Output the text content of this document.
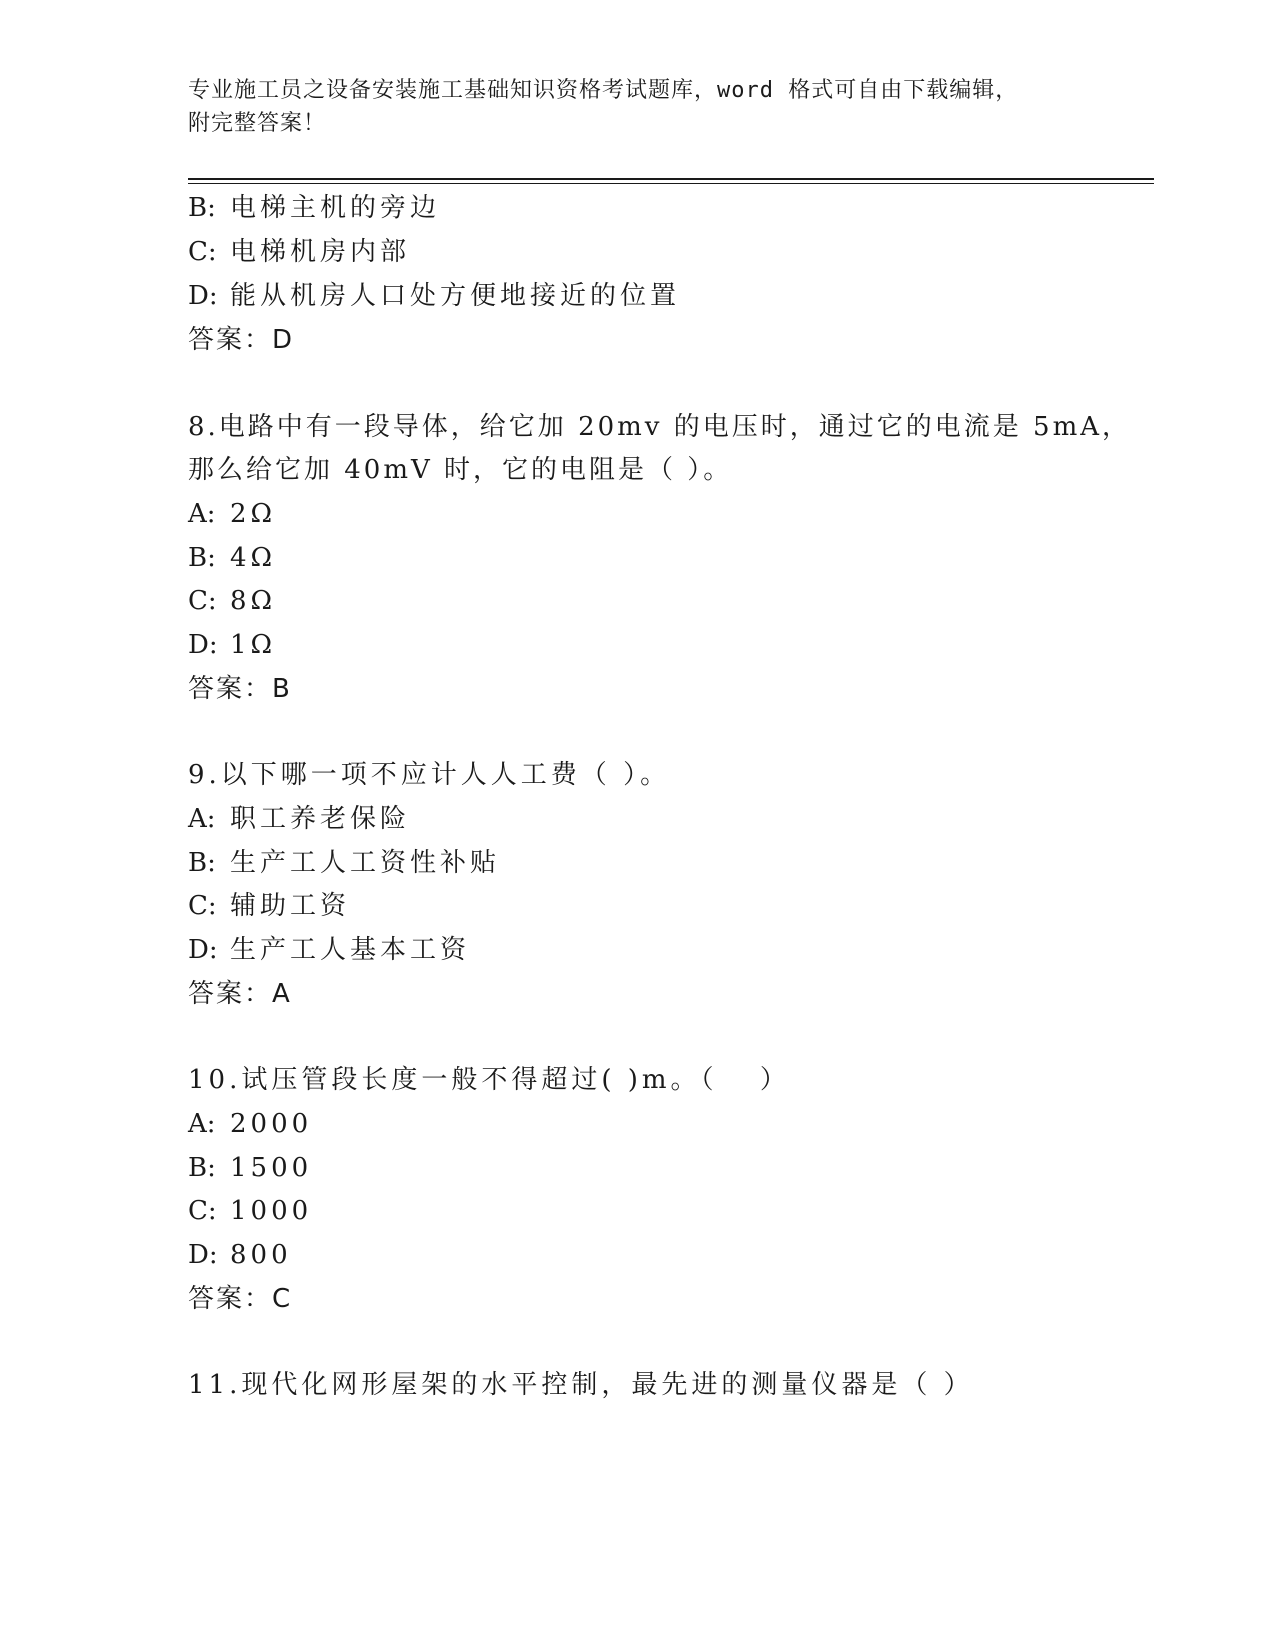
专业施工员之设备安装施工基础知识资格考试题库，word 格式可自由下载编辑，
附完整答案！
B: 电梯主机的旁边
C: 电梯机房内部
D: 能从机房人口处方便地接近的位置
答案：D
8.电路中有一段导体，给它加 20mv 的电压时，通过它的电流是 5mA，
那么给它加 40mV 时，它的电阻是（ ）。
A: 2Ω
B: 4Ω
C: 8Ω
D: 1Ω
答案：B
9.以下哪一项不应计人人工费（ ）。
A: 职工养老保险
B: 生产工人工资性补贴
C: 辅助工资
D: 生产工人基本工资
答案：A
10.试压管段长度一般不得超过( )m。（　 ）
A: 2000
B: 1500
C: 1000
D: 800
答案：C
11.现代化网形屋架的水平控制，最先进的测量仪器是（ ）
